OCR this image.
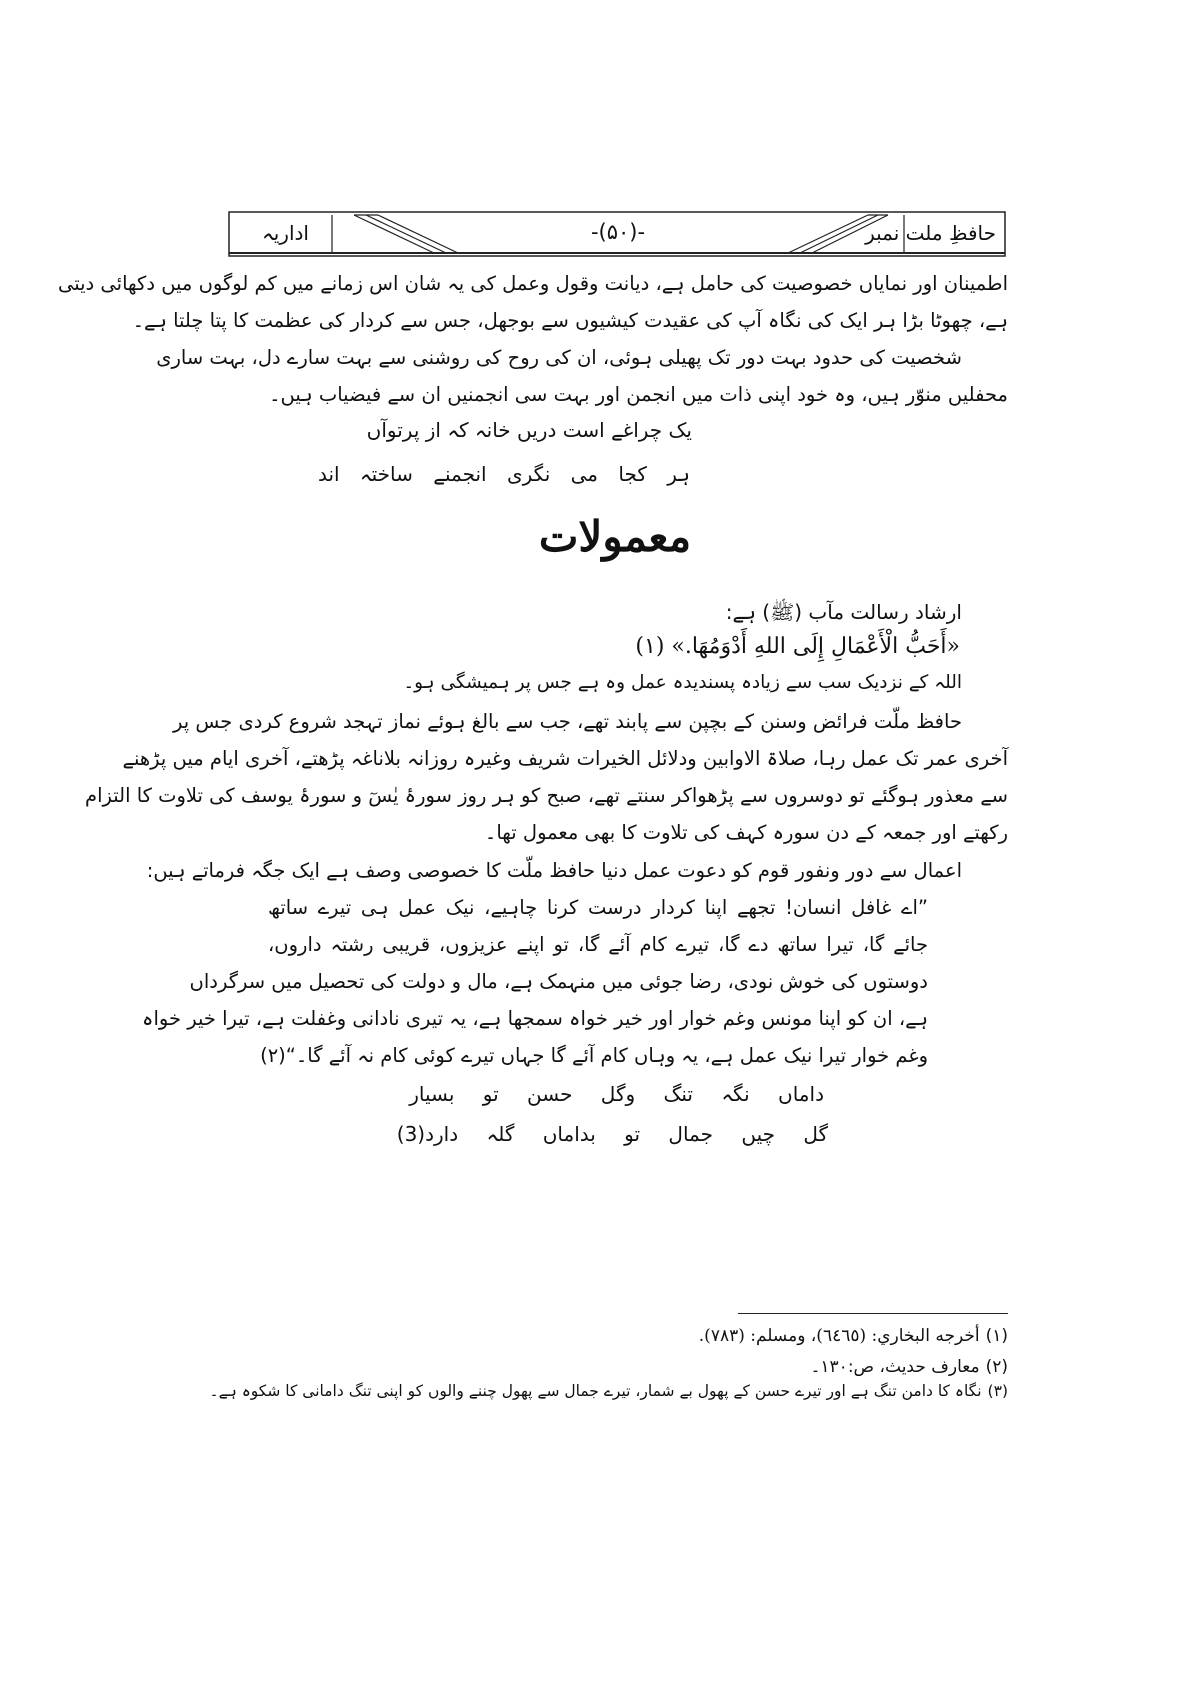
حافظِ ملت نمبر
-(۵۰)-
اداریہ
اطمینان اور نمایاں خصوصیت کی حامل ہے، دیانت وقول وعمل کی یہ شان اس زمانے میں کم لوگوں میں دکھائی دیتی
ہے، چھوٹا بڑا ہر ایک کی نگاہ آپ کی عقیدت کیشیوں سے بوجھل، جس سے کردار کی عظمت کا پتا چلتا ہے۔
شخصیت کی حدود بہت دور تک پھیلی ہوئی، ان کی روح کی روشنی سے بہت سارے دل، بہت ساری
محفلیں منوّر ہیں، وہ خود اپنی ذات میں انجمن اور بہت سی انجمنیں ان سے فیضیاب ہیں۔
یک چراغے است دریں خانہ کہ از پرتوآں
ہر کجا می نگری انجمنے ساختہ اند
معمولات
ارشاد رسالت مآب (ﷺ) ہے:
«أَحَبُّ الْأَعْمَالِ إِلَى اللهِ أَدْوَمُهَا.» (۱)
اللہ کے نزدیک سب سے زیادہ پسندیدہ عمل وہ ہے جس پر ہمیشگی ہو۔
حافظ ملّت فرائض وسنن کے بچپن سے پابند تھے، جب سے بالغ ہوئے نماز تہجد شروع کردی جس پر
آخری عمر تک عمل رہا، صلاۃ الاوابین ودلائل الخیرات شریف وغیرہ روزانہ بلاناغہ پڑھتے، آخری ایام میں پڑھنے
سے معذور ہوگئے تو دوسروں سے پڑھواکر سنتے تھے، صبح کو ہر روز سورۂ یٰسٓ و سورۂ یوسف کی تلاوت کا التزام
رکھتے اور جمعہ کے دن سورہ کہف کی تلاوت کا بھی معمول تھا۔
اعمال سے دور ونفور قوم کو دعوت عمل دنیا حافظ ملّت کا خصوصی وصف ہے ایک جگہ فرماتے ہیں:
”اے غافل انسان! تجھے اپنا کردار درست کرنا چاہیے، نیک عمل ہی تیرے ساتھ
جائے گا، تیرا ساتھ دے گا، تیرے کام آئے گا، تو اپنے عزیزوں، قریبی رشتہ داروں،
دوستوں کی خوش نودی، رضا جوئی میں منہمک ہے، مال و دولت کی تحصیل میں سرگرداں
ہے، ان کو اپنا مونس وغم خوار اور خیر خواہ سمجھا ہے، یہ تیری نادانی وغفلت ہے، تیرا خیر خواہ
وغم خوار تیرا نیک عمل ہے، یہ وہاں کام آئے گا جہاں تیرے کوئی کام نہ آئے گا۔“(۲)
داماں نگہ تنگ وگل حسن تو بسیار
گل چیں جمال تو بداماں گلہ دارد(3)
(۱)أخرجه البخاري: (٦٤٦٥)، ومسلم: (٧٨٣).
(۲)معارف حدیث، ص:۱۳۰۔
(۳)نگاہ کا دامن تنگ ہے اور تیرے حسن کے پھول بے شمار، تیرے جمال سے پھول چننے والوں کو اپنی تنگ دامانی کا شکوہ ہے۔
